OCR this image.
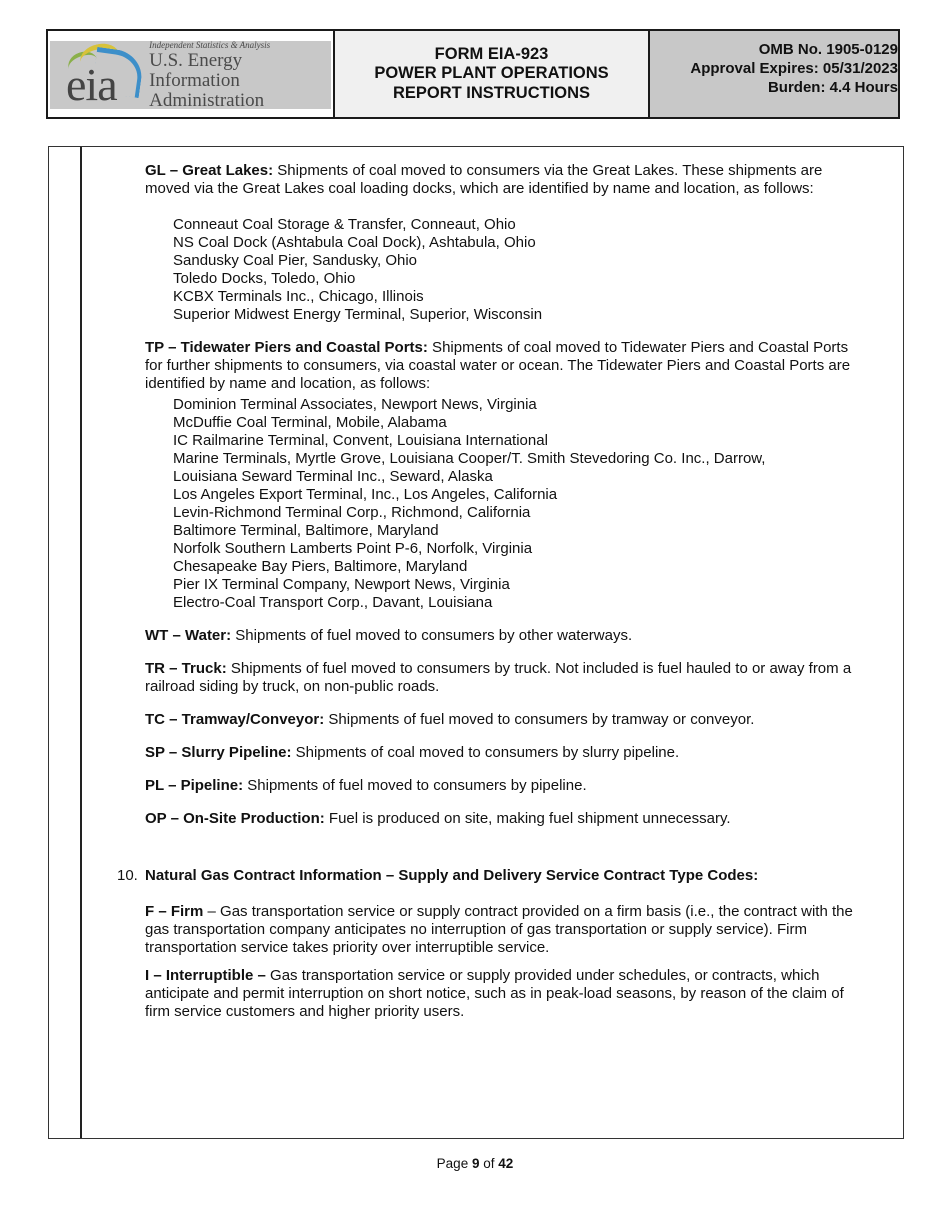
eia
Independent Statistics & Analysis
U.S. Energy Information
Administration
FORM EIA-923
POWER PLANT OPERATIONS
REPORT INSTRUCTIONS
OMB No. 1905-0129
Approval Expires: 05/31/2023
Burden: 4.4 Hours

GL – Great Lakes: Shipments of coal moved to consumers via the Great Lakes. These shipments are moved via the Great Lakes coal loading docks, which are identified by name and location, as follows:

Conneaut Coal Storage & Transfer, Conneaut, Ohio
NS Coal Dock (Ashtabula Coal Dock), Ashtabula, Ohio
Sandusky Coal Pier, Sandusky, Ohio
Toledo Docks, Toledo, Ohio
KCBX Terminals Inc., Chicago, Illinois
Superior Midwest Energy Terminal, Superior, Wisconsin

TP – Tidewater Piers and Coastal Ports: Shipments of coal moved to Tidewater Piers and Coastal Ports for further shipments to consumers, via coastal water or ocean. The Tidewater Piers and Coastal Ports are identified by name and location, as follows:

Dominion Terminal Associates, Newport News, Virginia
McDuffie Coal Terminal, Mobile, Alabama
IC Railmarine Terminal, Convent, Louisiana International
Marine Terminals, Myrtle Grove, Louisiana Cooper/T. Smith Stevedoring Co. Inc., Darrow,
Louisiana Seward Terminal Inc., Seward, Alaska
Los Angeles Export Terminal, Inc., Los Angeles, California
Levin-Richmond Terminal Corp., Richmond, California
Baltimore Terminal, Baltimore, Maryland
Norfolk Southern Lamberts Point P-6, Norfolk, Virginia
Chesapeake Bay Piers, Baltimore, Maryland
Pier IX Terminal Company, Newport News, Virginia
Electro-Coal Transport Corp., Davant, Louisiana

WT – Water: Shipments of fuel moved to consumers by other waterways.

TR – Truck: Shipments of fuel moved to consumers by truck. Not included is fuel hauled to or away from a railroad siding by truck, on non-public roads.

TC – Tramway/Conveyor: Shipments of fuel moved to consumers by tramway or conveyor.

SP – Slurry Pipeline: Shipments of coal moved to consumers by slurry pipeline.

PL – Pipeline: Shipments of fuel moved to consumers by pipeline.

OP – On-Site Production: Fuel is produced on site, making fuel shipment unnecessary.

10. Natural Gas Contract Information – Supply and Delivery Service Contract Type Codes:

F – Firm – Gas transportation service or supply contract provided on a firm basis (i.e., the contract with the gas transportation company anticipates no interruption of gas transportation or supply service). Firm transportation service takes priority over interruptible service.

I – Interruptible – Gas transportation service or supply provided under schedules, or contracts, which anticipate and permit interruption on short notice, such as in peak-load seasons, by reason of the claim of firm service customers and higher priority users.

Page 9 of 42
